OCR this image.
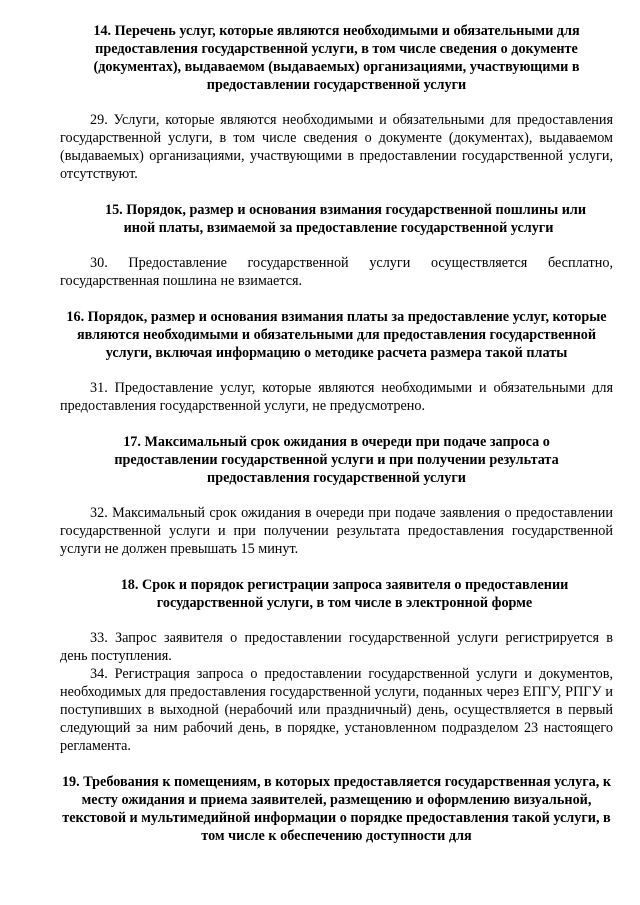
14. Перечень услуг, которые являются необходимыми и обязательными для предоставления государственной услуги, в том числе сведения о документе (документах), выдаваемом (выдаваемых) организациями, участвующими в предоставлении государственной услуги

29. Услуги, которые являются необходимыми и обязательными для предоставления государственной услуги, в том числе сведения о документе (документах), выдаваемом (выдаваемых) организациями, участвующими в предоставлении государственной услуги, отсутствуют.

15. Порядок, размер и основания взимания государственной пошлины или
иной платы, взимаемой за предоставление государственной услуги

30. Предоставление государственной услуги осуществляется бесплатно, государственная пошлина не взимается.

16. Порядок, размер и основания взимания платы за предоставление услуг, которые являются необходимыми и обязательными для предоставления государственной услуги, включая информацию о методике расчета размера такой платы

31. Предоставление услуг, которые являются необходимыми и обязательными для предоставления государственной услуги, не предусмотрено.

17. Максимальный срок ожидания в очереди при подаче запроса о предоставлении государственной услуги и при получении результата предоставления государственной услуги

32. Максимальный срок ожидания в очереди при подаче заявления о предоставлении государственной услуги и при получении результата предоставления государственной услуги не должен превышать 15 минут.

18. Срок и порядок регистрации запроса заявителя о предоставлении государственной услуги, в том числе в электронной форме

33. Запрос заявителя о предоставлении государственной услуги регистрируется в день поступления.

34. Регистрация запроса о предоставлении государственной услуги и документов, необходимых для предоставления государственной услуги, поданных через ЕПГУ, РПГУ и поступивших в выходной (нерабочий или праздничный) день, осуществляется в первый следующий за ним рабочий день, в порядке, установленном подразделом 23 настоящего регламента.

19. Требования к помещениям, в которых предоставляется государственная услуга, к месту ожидания и приема заявителей, размещению и оформлению визуальной, текстовой и мультимедийной информации о порядке предоставления такой услуги, в том числе к обеспечению доступности для
